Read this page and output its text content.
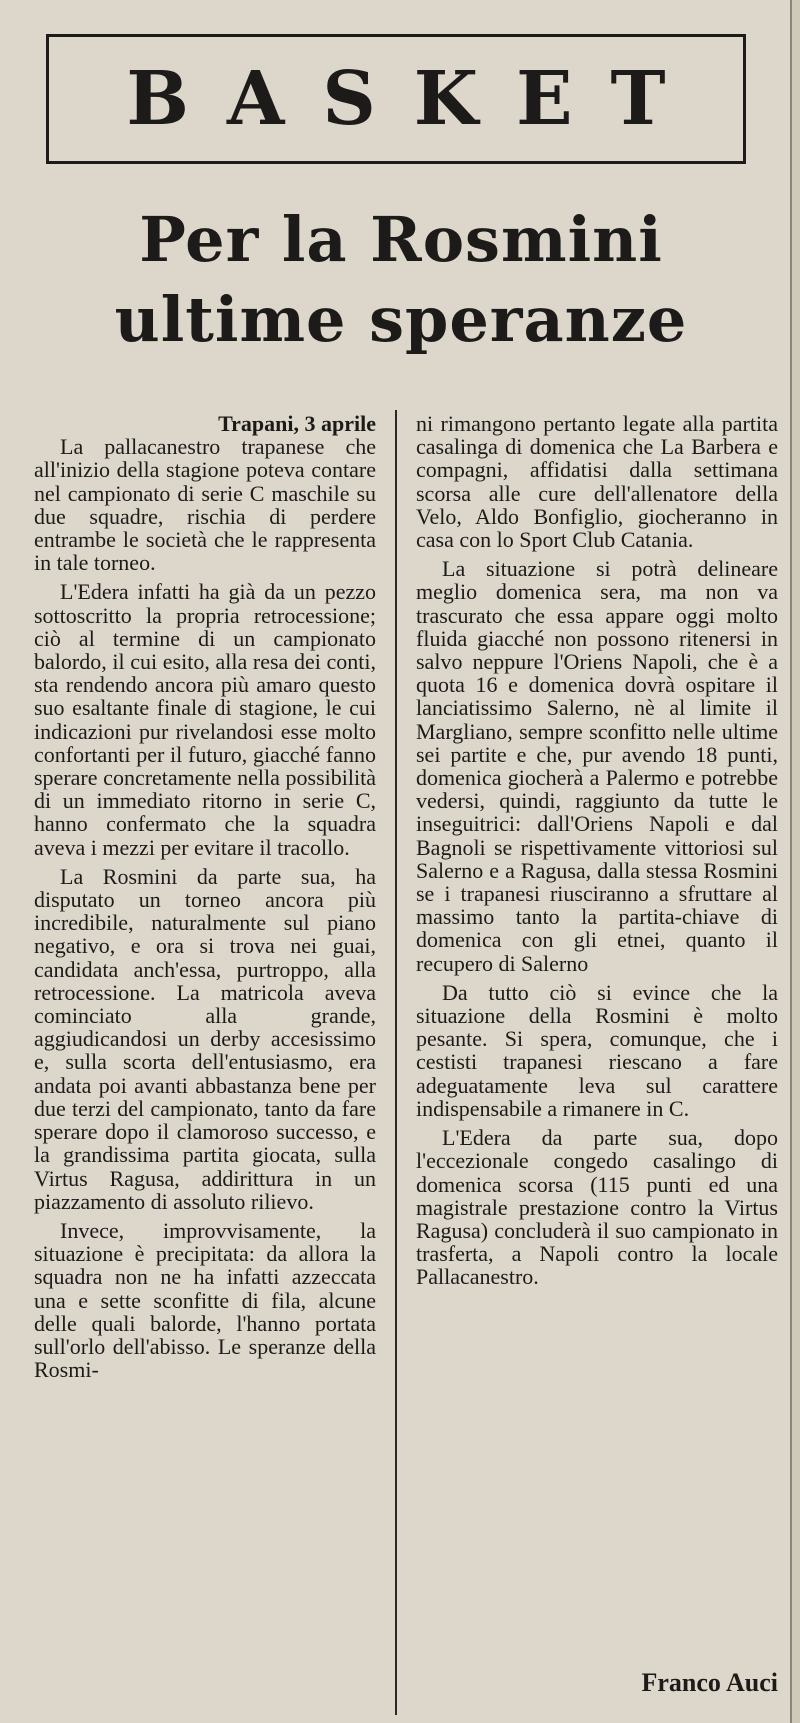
BASKET
Per la Rosmini
ultime speranze

Trapani, 3 aprile

La pallacanestro trapanese che all'inizio della stagione poteva contare nel campionato di serie C maschile su due squadre, rischia di perdere entrambe le società che le rappresenta in tale torneo.

L'Edera infatti ha già da un pezzo sottoscritto la propria retrocessione; ciò al termine di un campionato balordo, il cui esito, alla resa dei conti, sta rendendo ancora più amaro questo suo esaltante finale di stagione, le cui indicazioni pur rivelandosi esse molto confortanti per il futuro, giacché fanno sperare concretamente nella possibilità di un immediato ritorno in serie C, hanno confermato che la squadra aveva i mezzi per evitare il tracollo.

La Rosmini da parte sua, ha disputato un torneo ancora più incredibile, naturalmente sul piano negativo, e ora si trova nei guai, candidata anch'essa, purtroppo, alla retrocessione. La matricola aveva cominciato alla grande, aggiudicandosi un derby accesissimo e, sulla scorta dell'entusiasmo, era andata poi avanti abbastanza bene per due terzi del campionato, tanto da fare sperare dopo il clamoroso successo, e la grandissima partita giocata, sulla Virtus Ragusa, addirittura in un piazzamento di assoluto rilievo.

Invece, improvvisamente, la situazione è precipitata: da allora la squadra non ne ha infatti azzeccata una e sette sconfitte di fila, alcune delle quali balorde, l'hanno portata sull'orlo dell'abisso. Le speranze della Rosmi-

ni rimangono pertanto legate alla partita casalinga di domenica che La Barbera e compagni, affidatisi dalla settimana scorsa alle cure dell'allenatore della Velo, Aldo Bonfiglio, giocheranno in casa con lo Sport Club Catania.

La situazione si potrà delineare meglio domenica sera, ma non va trascurato che essa appare oggi molto fluida giacché non possono ritenersi in salvo neppure l'Oriens Napoli, che è a quota 16 e domenica dovrà ospitare il lanciatissimo Salerno, nè al limite il Margliano, sempre sconfitto nelle ultime sei partite e che, pur avendo 18 punti, domenica giocherà a Palermo e potrebbe vedersi, quindi, raggiunto da tutte le inseguitrici: dall'Oriens Napoli e dal Bagnoli se rispettivamente vittoriosi sul Salerno e a Ragusa, dalla stessa Rosmini se i trapanesi riusciranno a sfruttare al massimo tanto la partita-chiave di domenica con gli etnei, quanto il recupero di Salerno

Da tutto ciò si evince che la situazione della Rosmini è molto pesante. Si spera, comunque, che i cestisti trapanesi riescano a fare adeguatamente leva sul carattere indispensabile a rimanere in C.

L'Edera da parte sua, dopo l'eccezionale congedo casalingo di domenica scorsa (115 punti ed una magistrale prestazione contro la Virtus Ragusa) concluderà il suo campionato in trasferta, a Napoli contro la locale Pallacanestro.

Franco Auci
